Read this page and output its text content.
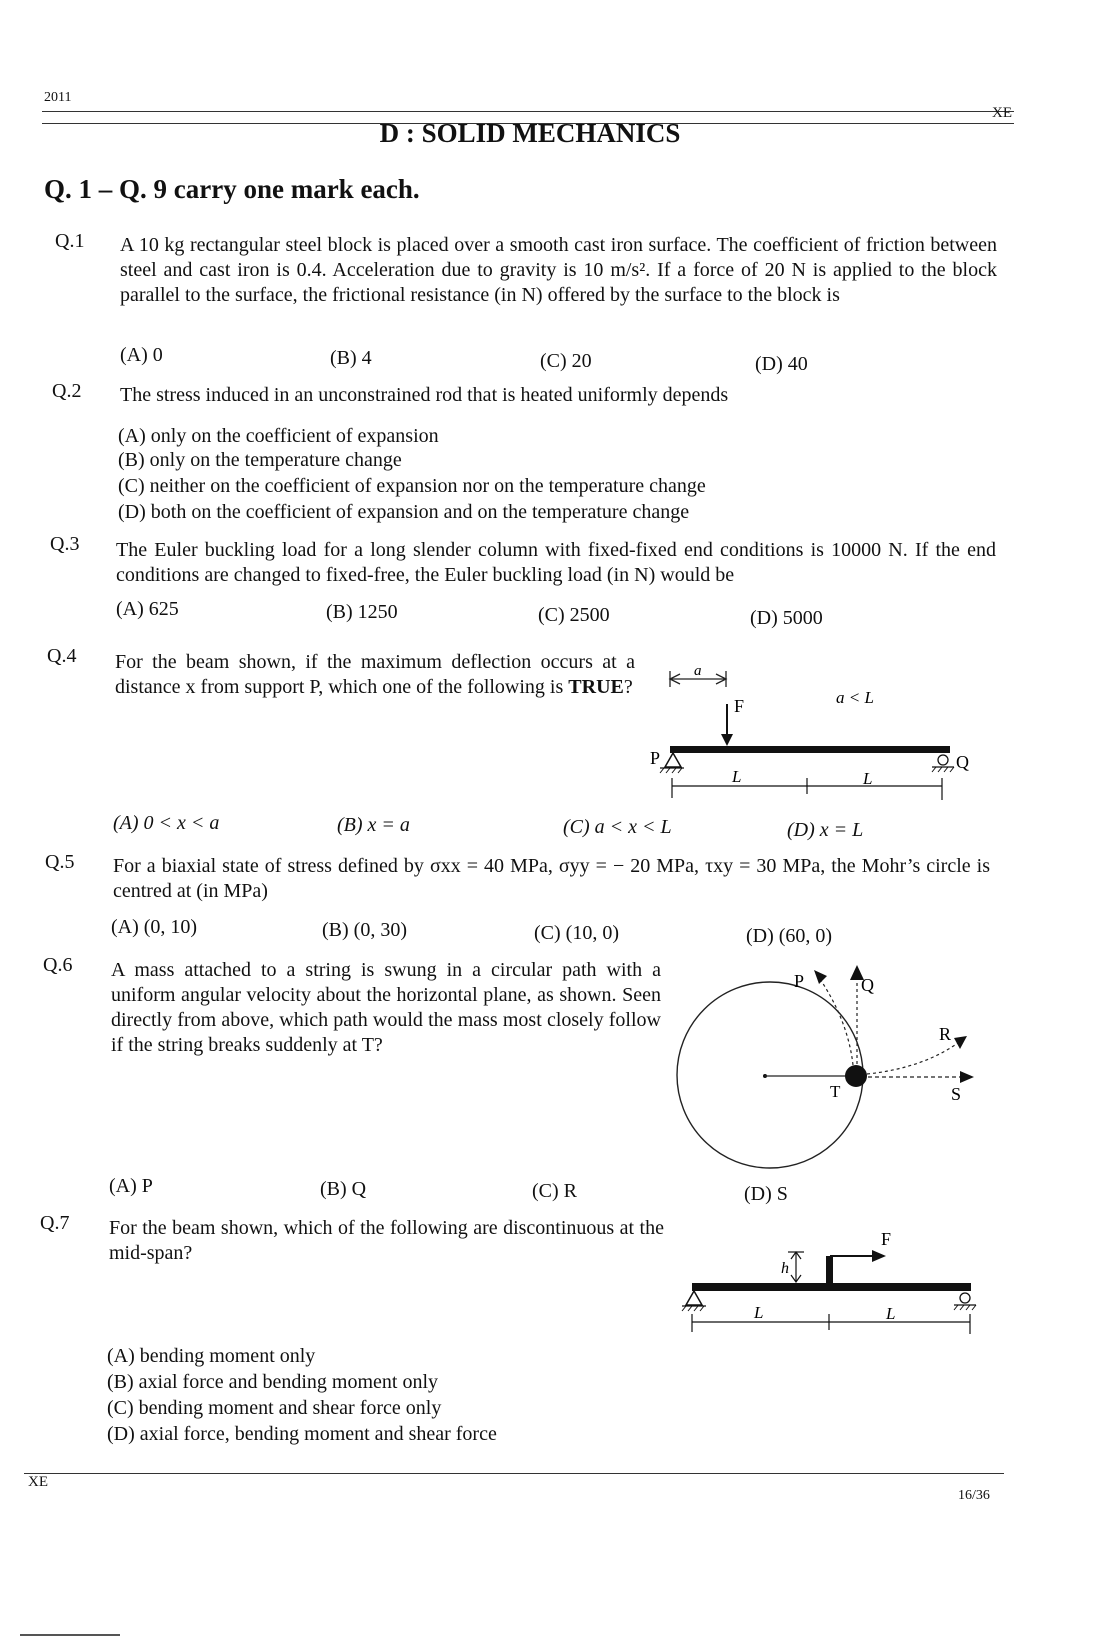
2011
XE
D : SOLID MECHANICS
Q. 1 – Q. 9 carry one mark each.
Q.1 A 10 kg rectangular steel block is placed over a smooth cast iron surface. The coefficient of friction between steel and cast iron is 0.4. Acceleration due to gravity is 10 m/s². If a force of 20 N is applied to the block parallel to the surface, the frictional resistance (in N) offered by the surface to the block is
(A) 0	(B) 4	(C) 20	(D) 40
Q.2 The stress induced in an unconstrained rod that is heated uniformly depends
(A) only on the coefficient of expansion
(B) only on the temperature change
(C) neither on the coefficient of expansion nor on the temperature change
(D) both on the coefficient of expansion and on the temperature change
Q.3 The Euler buckling load for a long slender column with fixed-fixed end conditions is 10000 N. If the end conditions are changed to fixed-free, the Euler buckling load (in N) would be
(A) 625	(B) 1250	(C) 2500	(D) 5000
Q.4 For the beam shown, if the maximum deflection occurs at a distance x from support P, which one of the following is TRUE?
a
F	a < L
P	Q
L	L
(A) 0 < x < a	(B) x = a	(C) a < x < L	(D) x = L
Q.5 For a biaxial state of stress defined by σxx = 40 MPa, σyy = − 20 MPa, τxy = 30 MPa, the Mohr’s circle is centred at (in MPa)
(A) (0, 10)	(B) (0, 30)	(C) (10, 0)	(D) (60, 0)
Q.6 A mass attached to a string is swung in a circular path with a uniform angular velocity about the horizontal plane, as shown. Seen directly from above, which path would the mass most closely follow if the string breaks suddenly at T?
T
P	Q
R
S
(A) P	(B) Q	(C) R	(D) S
Q.7 For the beam shown, which of the following are discontinuous at the mid-span?
F
h
L	L
(A) bending moment only
(B) axial force and bending moment only
(C) bending moment and shear force only
(D) axial force, bending moment and shear force
XE
16/36
